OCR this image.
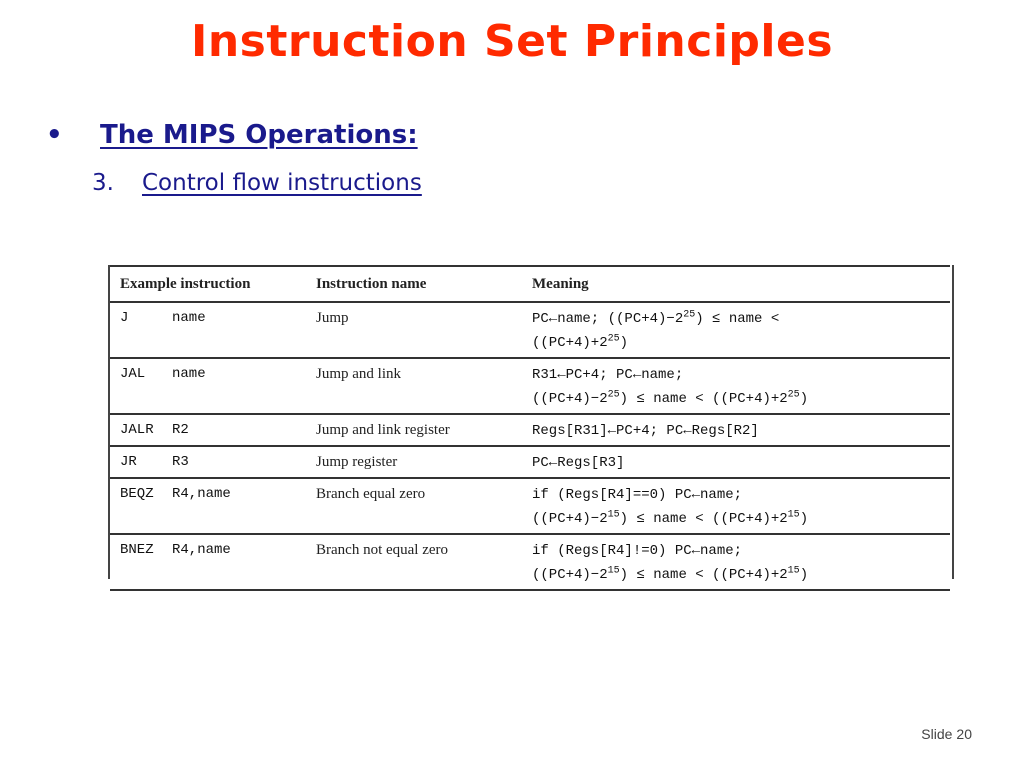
Instruction Set Principles
• The MIPS Operations:
3. Control flow instructions
Example instruction	Instruction name	Meaning

J name	Jump	PC←name; $((PC+4)-2^{25})$ ≤ name <
$((PC+4)+2^{25})$

JAL name	Jump and link	R31←PC+4; PC←name;
$((PC+4)-2^{25})$ ≤ name < $((PC+4)+2^{25})$

JALR R2	Jump and link register	Regs[R31]←PC+4; PC←Regs[R2]

JR R3	Jump register	PC←Regs[R3]

BEQZ R4,name	Branch equal zero	if (Regs[R4]==0) PC←name;
$((PC+4)-2^{15})$ ≤ name < $((PC+4)+2^{15})$

BNEZ R4,name	Branch not equal zero	if (Regs[R4]!=0) PC←name;
$((PC+4)-2^{15})$ ≤ name < $((PC+4)+2^{15})$
Slide 20
